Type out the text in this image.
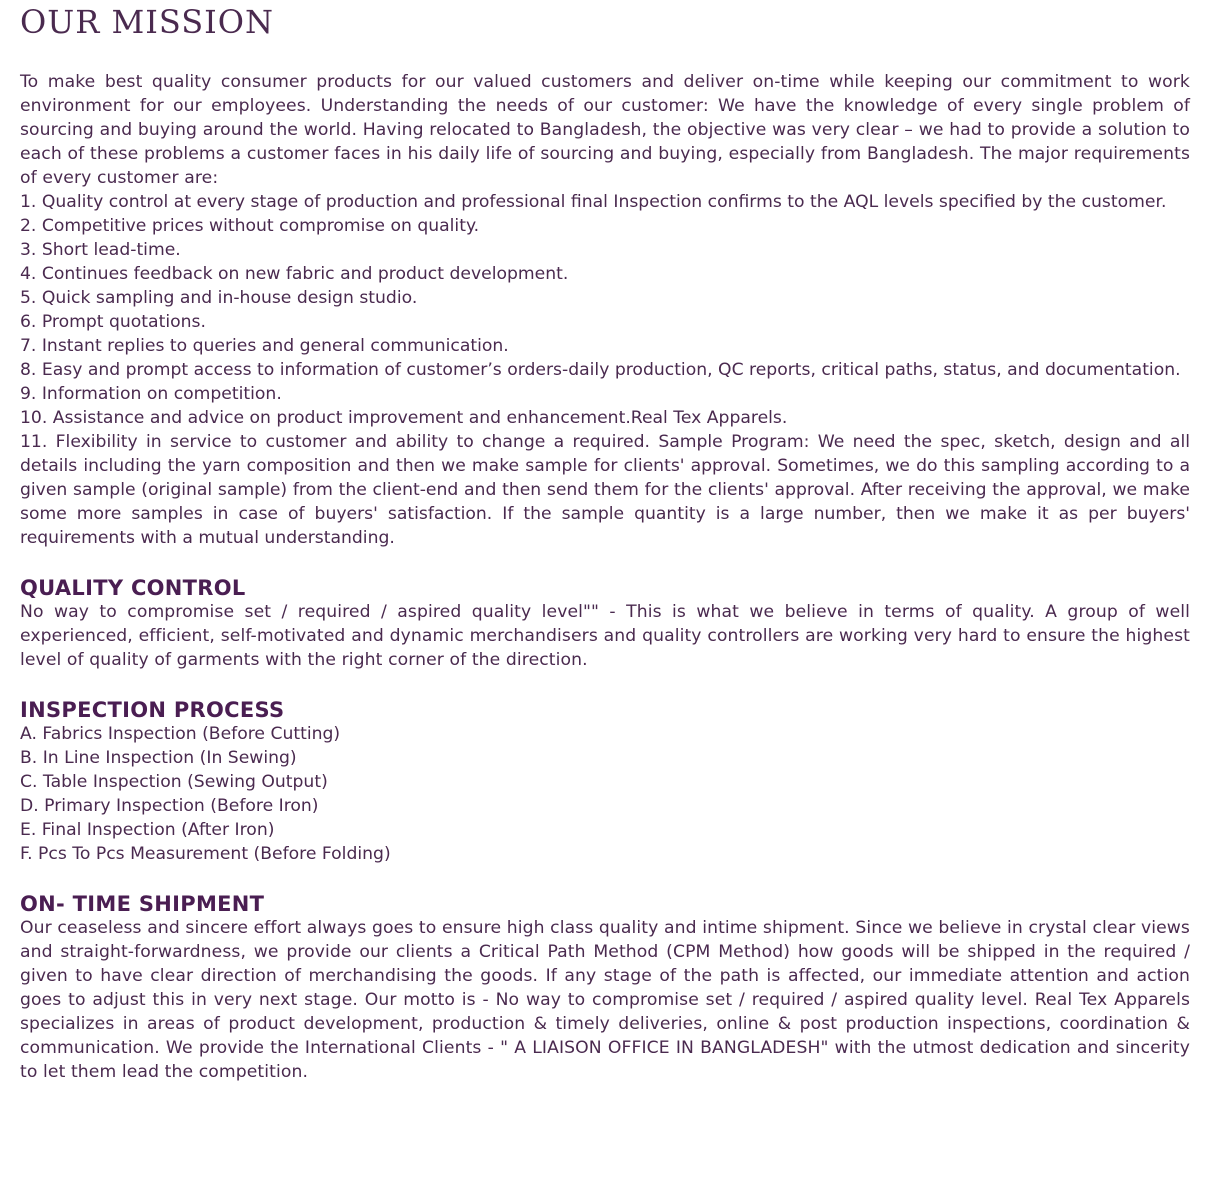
OUR MISSION

To make best quality consumer products for our valued customers and deliver on-time while keeping our commitment to work environment for our employees. Understanding the needs of our customer: We have the knowledge of every single problem of sourcing and buying around the world. Having relocated to Bangladesh, the objective was very clear – we had to provide a solution to each of these problems a customer faces in his daily life of sourcing and buying, especially from Bangladesh. The major requirements of every customer are:

1. Quality control at every stage of production and professional final Inspection confirms to the AQL levels specified by the customer.

2. Competitive prices without compromise on quality.

3. Short lead-time.

4. Continues feedback on new fabric and product development.

5. Quick sampling and in-house design studio.

6. Prompt quotations.

7. Instant replies to queries and general communication.

8. Easy and prompt access to information of customer’s orders-daily production, QC reports, critical paths, status, and documentation.

9. Information on competition.

10. Assistance and advice on product improvement and enhancement.Real Tex Apparels.

11. Flexibility in service to customer and ability to change a required. Sample Program: We need the spec, sketch, design and all details including the yarn composition and then we make sample for clients' approval. Sometimes, we do this sampling according to a given sample (original sample) from the client-end and then send them for the clients' approval. After receiving the approval, we make some more samples in case of buyers' satisfaction. If the sample quantity is a large number, then we make it as per buyers' requirements with a mutual understanding.

QUALITY CONTROL

No way to compromise set / required / aspired quality level"" - This is what we believe in terms of quality. A group of well experienced, efficient, self-motivated and dynamic merchandisers and quality controllers are working very hard to ensure the highest level of quality of garments with the right corner of the direction.

INSPECTION PROCESS

A. Fabrics Inspection (Before Cutting)

B. In Line Inspection (In Sewing)

C. Table Inspection (Sewing Output)

D. Primary Inspection (Before Iron)

E. Final Inspection (After Iron)

F. Pcs To Pcs Measurement (Before Folding)

ON- TIME SHIPMENT

Our ceaseless and sincere effort always goes to ensure high class quality and intime shipment. Since we believe in crystal clear views and straight-forwardness, we provide our clients a Critical Path Method (CPM Method) how goods will be shipped in the required / given to have clear direction of merchandising the goods. If any stage of the path is affected, our immediate attention and action goes to adjust this in very next stage. Our motto is - No way to compromise set / required / aspired quality level. Real Tex Apparels specializes in areas of product development, production & timely deliveries, online & post production inspections, coordination & communication. We provide the International Clients - " A LIAISON OFFICE IN BANGLADESH" with the utmost dedication and sincerity to let them lead the competition.
